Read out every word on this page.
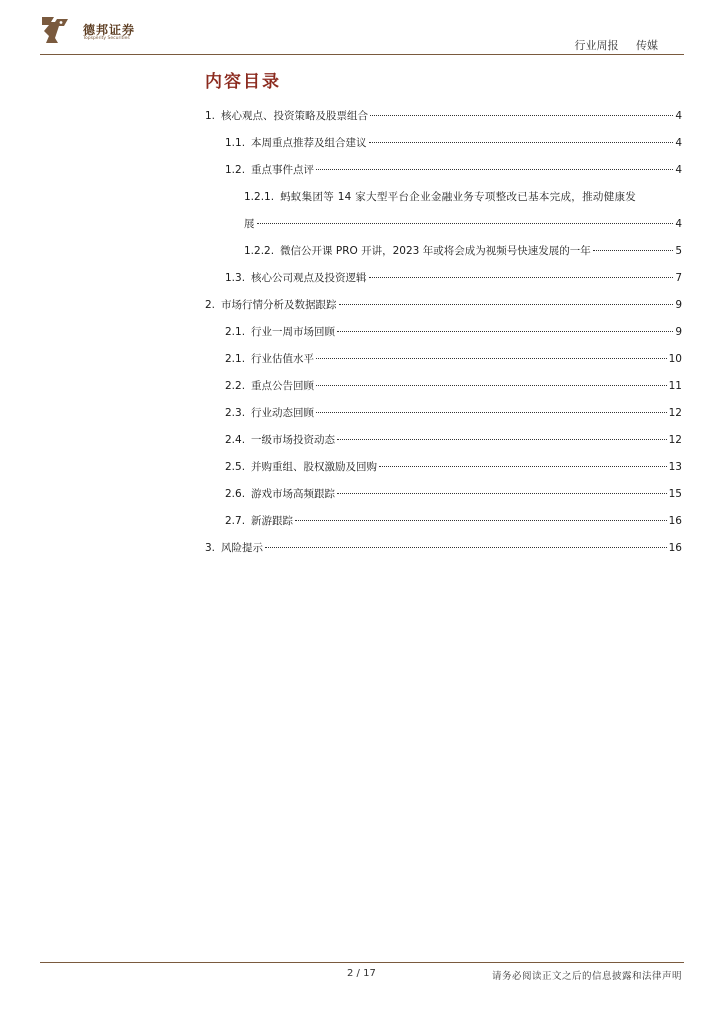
德邦证券
Topsperity Securities
行业周报 传媒
内容目录
1. 核心观点、投资策略及股票组合	4
1.1. 本周重点推荐及组合建议	4
1.2. 重点事件点评	4
1.2.1. 蚂蚁集团等 14 家大型平台企业金融业务专项整改已基本完成，推动健康发
展	4
1.2.2. 微信公开课 PRO 开讲，2023 年或将会成为视频号快速发展的一年	5
1.3. 核心公司观点及投资逻辑	7
2. 市场行情分析及数据跟踪	9
2.1. 行业一周市场回顾	9
2.1. 行业估值水平	10
2.2. 重点公告回顾	11
2.3. 行业动态回顾	12
2.4. 一级市场投资动态	12
2.5. 并购重组、股权激励及回购	13
2.6. 游戏市场高频跟踪	15
2.7. 新游跟踪	16
3. 风险提示	16
2 / 17	请务必阅读正文之后的信息披露和法律声明
